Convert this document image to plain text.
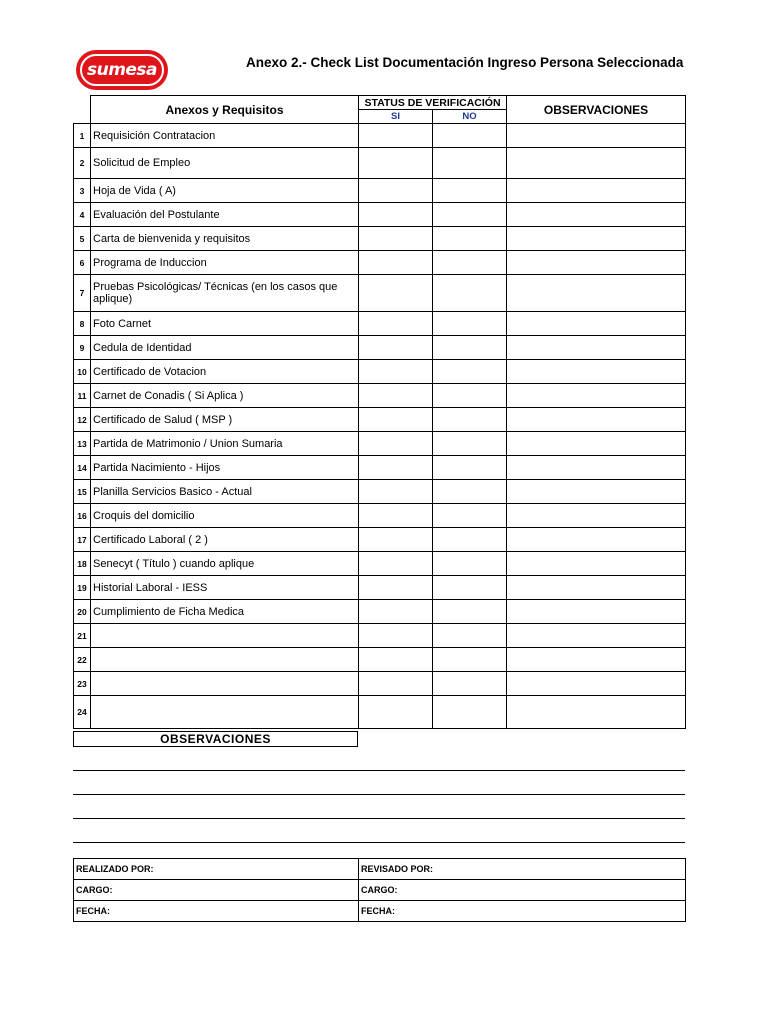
sumesa	Anexo 2.- Check List Documentación Ingreso Persona Seleccionada
	Anexos y Requisitos	STATUS DE VERIFICACIÓN		OBSERVACIONES
		SI	NO	
1	Requisición Contratacion			
2	Solicitud de Empleo			
3	Hoja de Vida ( A)			
4	Evaluación del Postulante			
5	Carta de bienvenida y requisitos			
6	Programa de Induccion			
7	Pruebas Psicológicas/ Técnicas (en los casos que aplique)			
8	Foto Carnet			
9	Cedula de Identidad			
10	Certificado de Votacion			
11	Carnet de Conadis ( Si Aplica )			
12	Certificado de Salud ( MSP )			
13	Partida de Matrimonio / Union Sumaria			
14	Partida Nacimiento - Hijos			
15	Planilla Servicios Basico - Actual			
16	Croquis del domicilio			
17	Certificado Laboral ( 2 )			
18	Senecyt ( Título ) cuando aplique			
19	Historial Laboral - IESS			
20	Cumplimiento de Ficha Medica			
21				
22				
23				
24				
OBSERVACIONES
REALIZADO POR:	REVISADO POR:
CARGO:	CARGO:
FECHA:	FECHA:
